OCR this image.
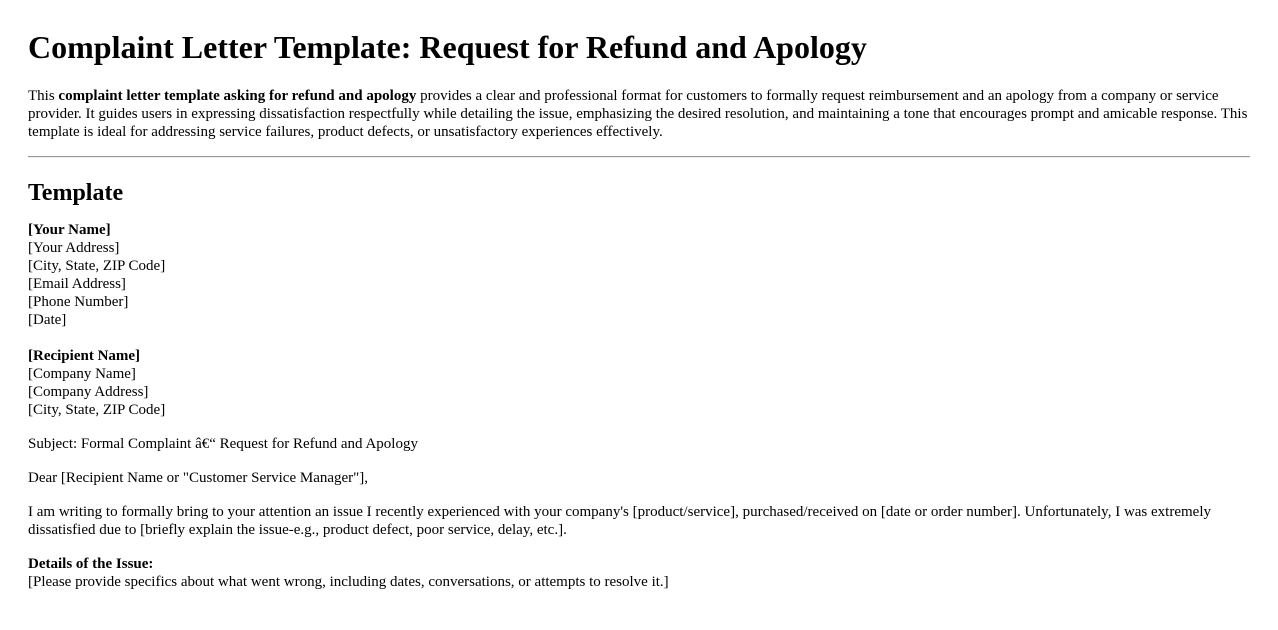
Complaint Letter Template: Request for Refund and Apology

This complaint letter template asking for refund and apology provides a clear and professional format for customers to formally request reimbursement and an apology from a company or service provider. It guides users in expressing dissatisfaction respectfully while detailing the issue, emphasizing the desired resolution, and maintaining a tone that encourages prompt and amicable response. This template is ideal for addressing service failures, product defects, or unsatisfactory experiences effectively.

Template
[Your Name]
[Your Address]
[City, State, ZIP Code]
[Email Address]
[Phone Number]
[Date]
[Recipient Name]
[Company Name]
[Company Address]
[City, State, ZIP Code]

Subject: Formal Complaint â€“ Request for Refund and Apology

Dear [Recipient Name or "Customer Service Manager"],

I am writing to formally bring to your attention an issue I recently experienced with your company's [product/service], purchased/received on [date or order number]. Unfortunately, I was extremely dissatisfied due to [briefly explain the issue-e.g., product defect, poor service, delay, etc.].

Details of the Issue:
[Please provide specifics about what went wrong, including dates, conversations, or attempts to resolve it.]
